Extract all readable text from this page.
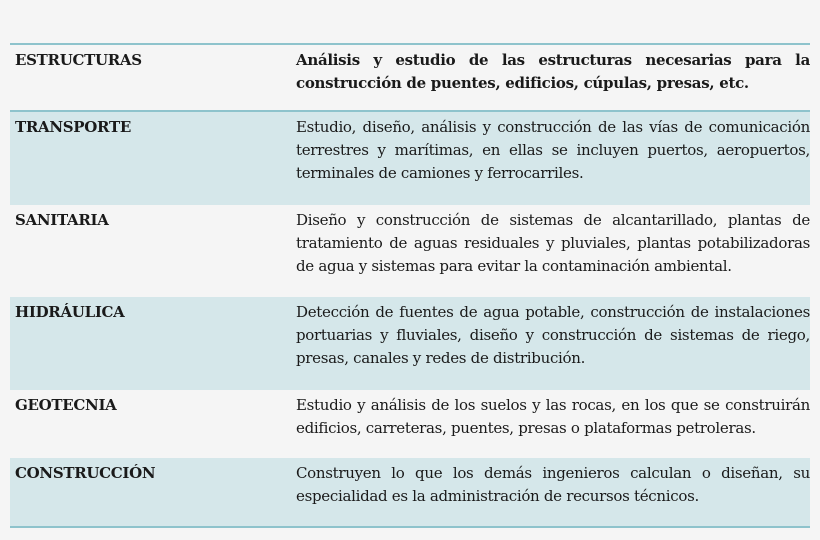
ESTRUCTURAS	Análisis y estudio de las estructuras necesarias para la construcción de puentes, edificios, cúpulas, presas, etc.
TRANSPORTE	Estudio, diseño, análisis y construcción de las vías de comunicación terrestres y marítimas, en ellas se incluyen puertos, aeropuertos, terminales de camiones y ferrocarriles.
SANITARIA	Diseño y construcción de sistemas de alcantarillado, plantas de tratamiento de aguas residuales y pluviales, plantas potabilizadoras de agua y sistemas para evitar la contaminación ambiental.
HIDRÁULICA	Detección de fuentes de agua potable, construcción de instalaciones portuarias y fluviales, diseño y construcción de sistemas de riego, presas, canales y redes de distribución.
GEOTECNIA	Estudio y análisis de los suelos y las rocas, en los que se construirán edificios, carreteras, puentes, presas o plataformas petroleras.
CONSTRUCCIÓN	Construyen lo que los demás ingenieros calculan o diseñan, su especialidad es la administración de recursos técnicos.
